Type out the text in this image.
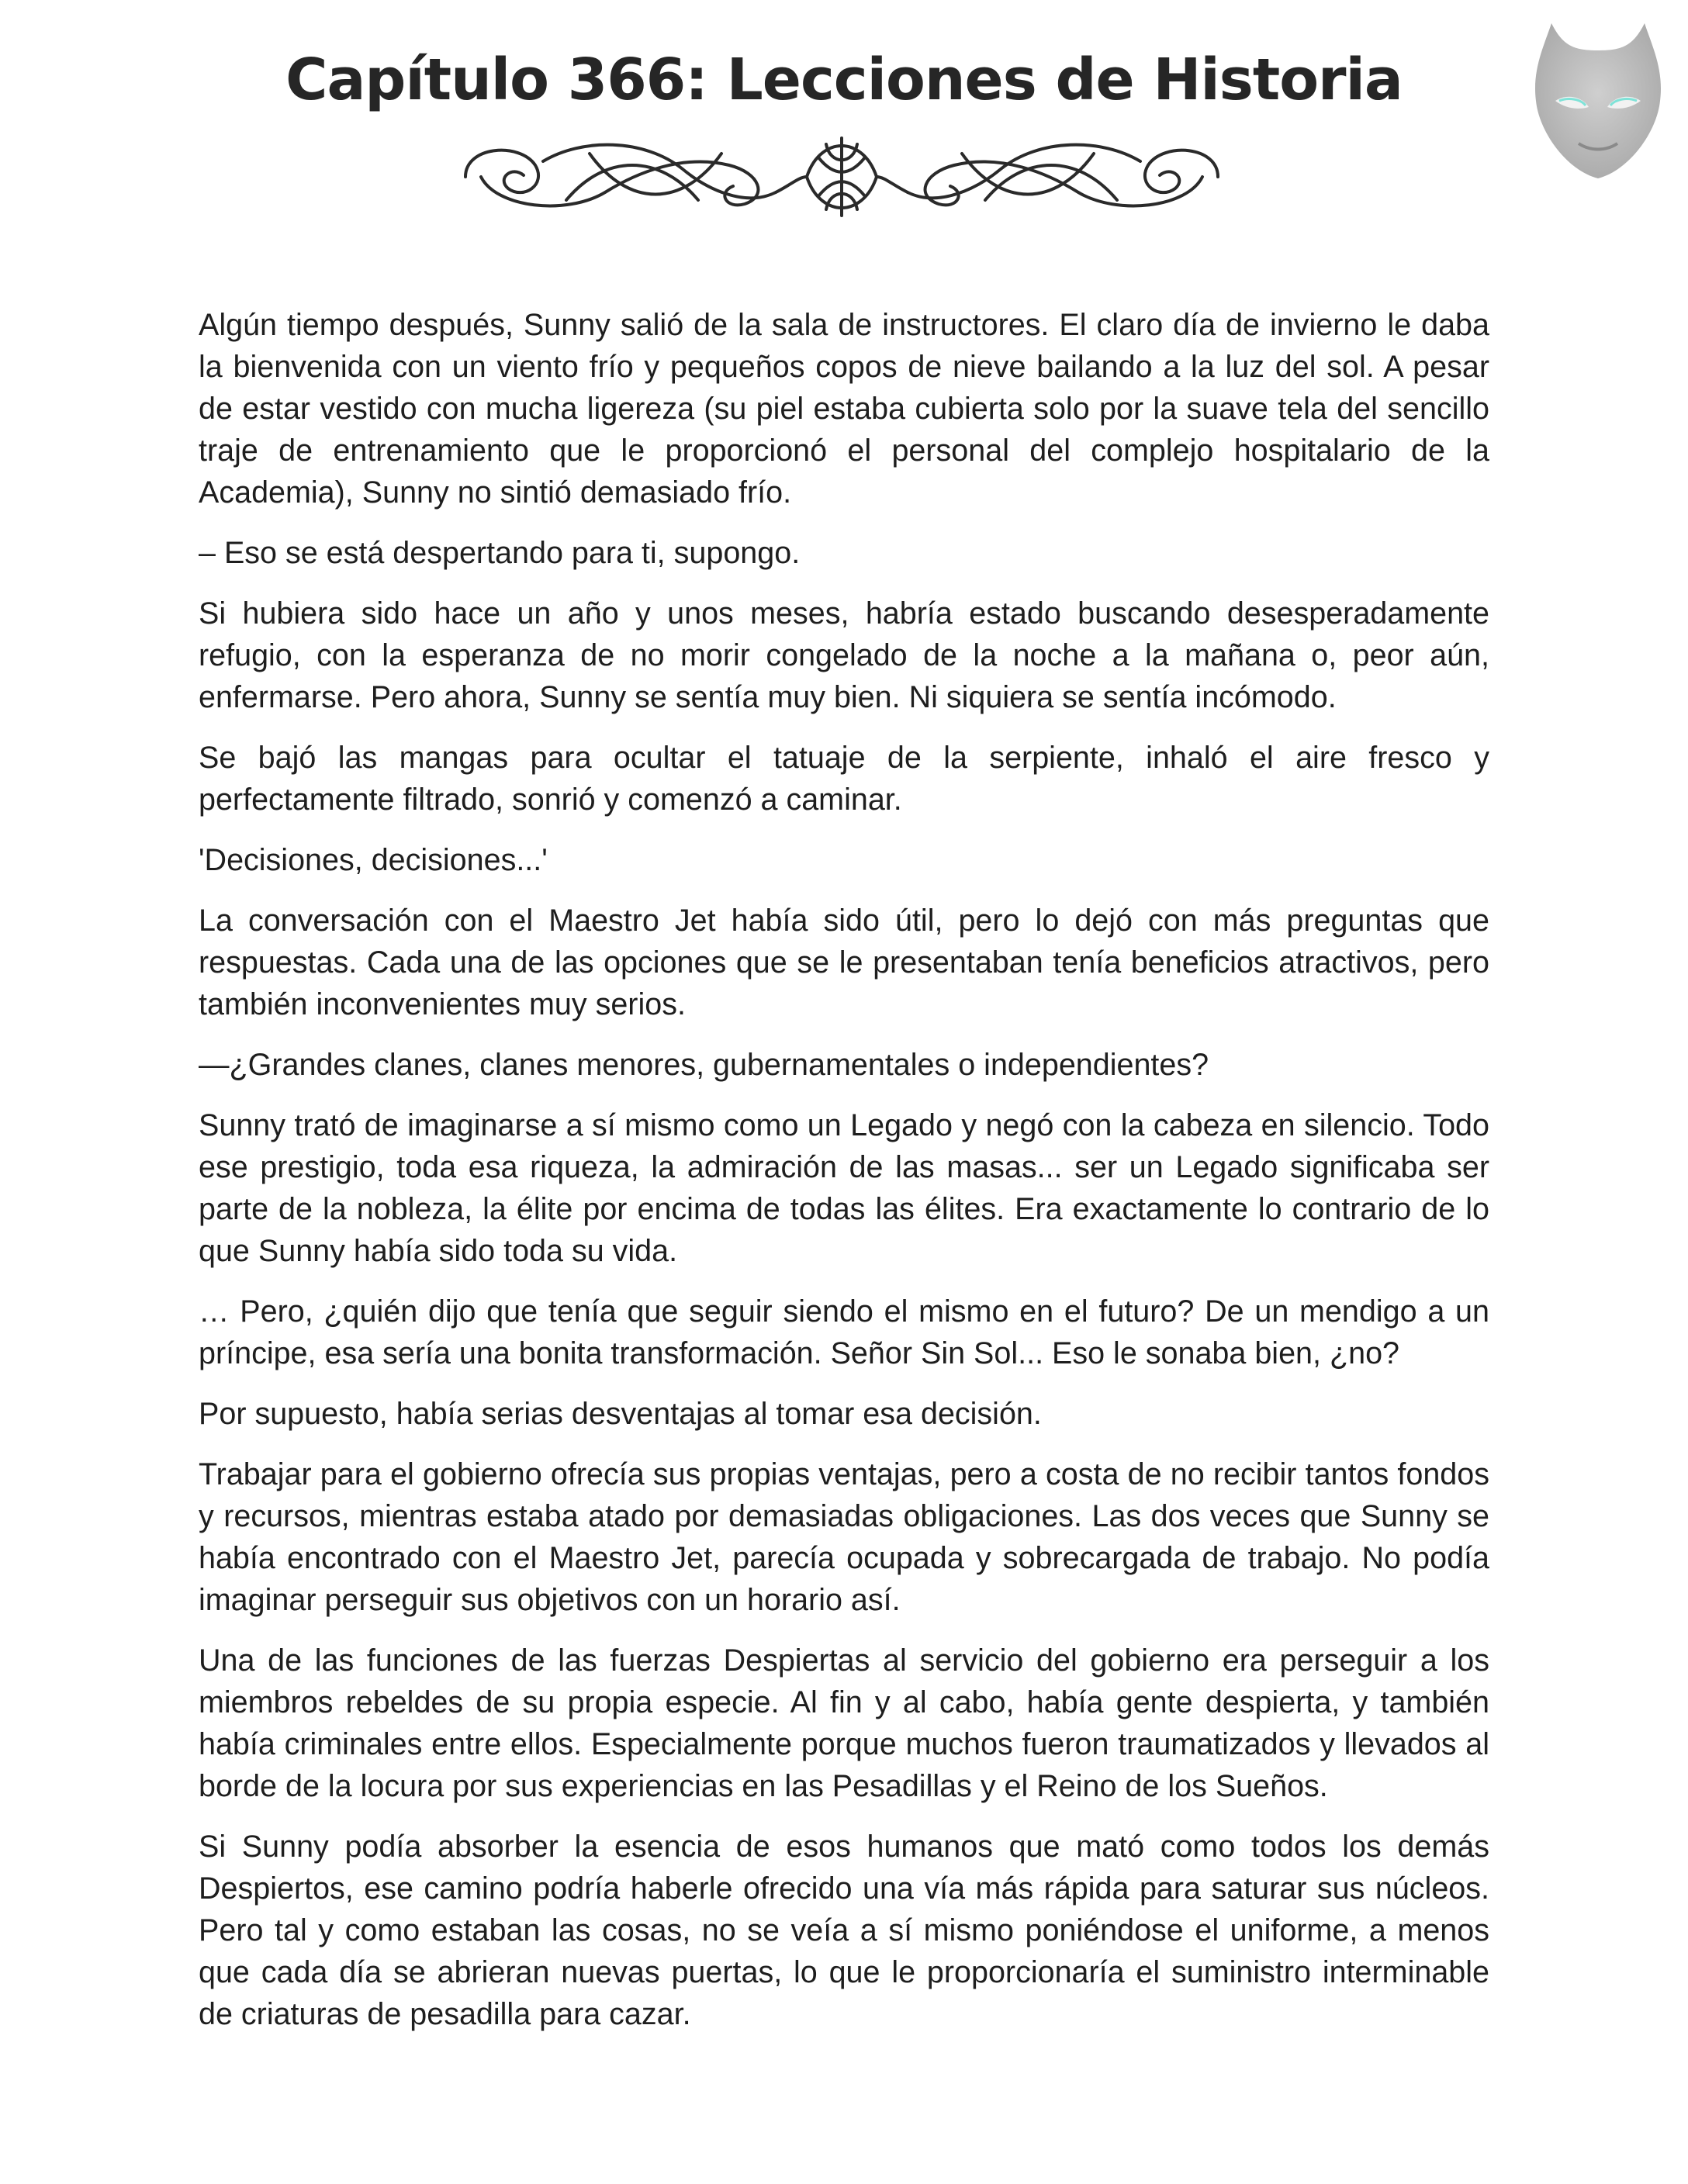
Capítulo 366: Lecciones de Historia

Algún tiempo después, Sunny salió de la sala de instructores. El claro día de invierno le daba la bienvenida con un viento frío y pequeños copos de nieve bailando a la luz del sol. A pesar de estar vestido con mucha ligereza (su piel estaba cubierta solo por la suave tela del sencillo traje de entrenamiento que le proporcionó el personal del complejo hospitalario de la Academia), Sunny no sintió demasiado frío.

– Eso se está despertando para ti, supongo.

Si hubiera sido hace un año y unos meses, habría estado buscando desesperadamente refugio, con la esperanza de no morir congelado de la noche a la mañana o, peor aún, enfermarse. Pero ahora, Sunny se sentía muy bien. Ni siquiera se sentía incómodo.

Se bajó las mangas para ocultar el tatuaje de la serpiente, inhaló el aire fresco y perfectamente filtrado, sonrió y comenzó a caminar.

'Decisiones, decisiones...'

La conversación con el Maestro Jet había sido útil, pero lo dejó con más preguntas que respuestas. Cada una de las opciones que se le presentaban tenía beneficios atractivos, pero también inconvenientes muy serios.

—¿Grandes clanes, clanes menores, gubernamentales o independientes?

Sunny trató de imaginarse a sí mismo como un Legado y negó con la cabeza en silencio. Todo ese prestigio, toda esa riqueza, la admiración de las masas... ser un Legado significaba ser parte de la nobleza, la élite por encima de todas las élites. Era exactamente lo contrario de lo que Sunny había sido toda su vida.

… Pero, ¿quién dijo que tenía que seguir siendo el mismo en el futuro? De un mendigo a un príncipe, esa sería una bonita transformación. Señor Sin Sol... Eso le sonaba bien, ¿no?

Por supuesto, había serias desventajas al tomar esa decisión.

Trabajar para el gobierno ofrecía sus propias ventajas, pero a costa de no recibir tantos fondos y recursos, mientras estaba atado por demasiadas obligaciones. Las dos veces que Sunny se había encontrado con el Maestro Jet, parecía ocupada y sobrecargada de trabajo. No podía imaginar perseguir sus objetivos con un horario así.

Una de las funciones de las fuerzas Despiertas al servicio del gobierno era perseguir a los miembros rebeldes de su propia especie. Al fin y al cabo, había gente despierta, y también había criminales entre ellos. Especialmente porque muchos fueron traumatizados y llevados al borde de la locura por sus experiencias en las Pesadillas y el Reino de los Sueños.

Si Sunny podía absorber la esencia de esos humanos que mató como todos los demás Despiertos, ese camino podría haberle ofrecido una vía más rápida para saturar sus núcleos. Pero tal y como estaban las cosas, no se veía a sí mismo poniéndose el uniforme, a menos que cada día se abrieran nuevas puertas, lo que le proporcionaría el suministro interminable de criaturas de pesadilla para cazar.
